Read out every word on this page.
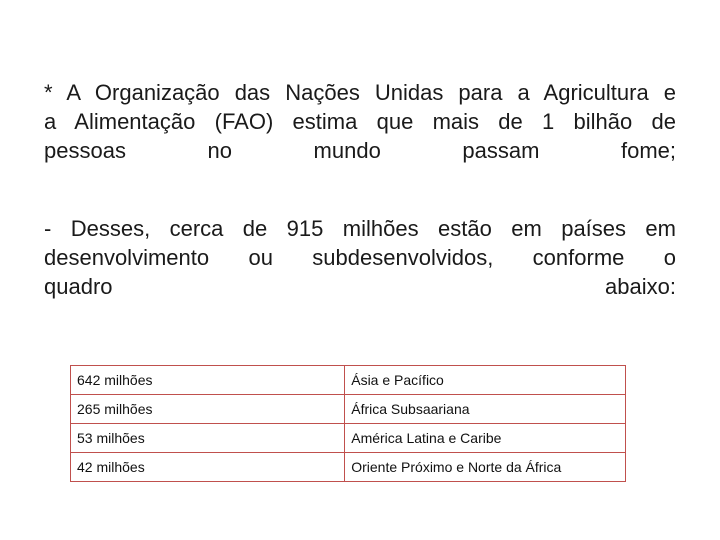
* A Organização das Nações Unidas para a Agricultura e
a Alimentação (FAO) estima que mais de 1 bilhão de
pessoas no mundo passam fome;
- Desses, cerca de 915 milhões estão em países em
desenvolvimento ou subdesenvolvidos, conforme o
quadro abaixo:
642 milhões	Ásia e Pacífico
265 milhões	África Subsaariana
53 milhões	América Latina e Caribe
42 milhões	Oriente Próximo e Norte da África
